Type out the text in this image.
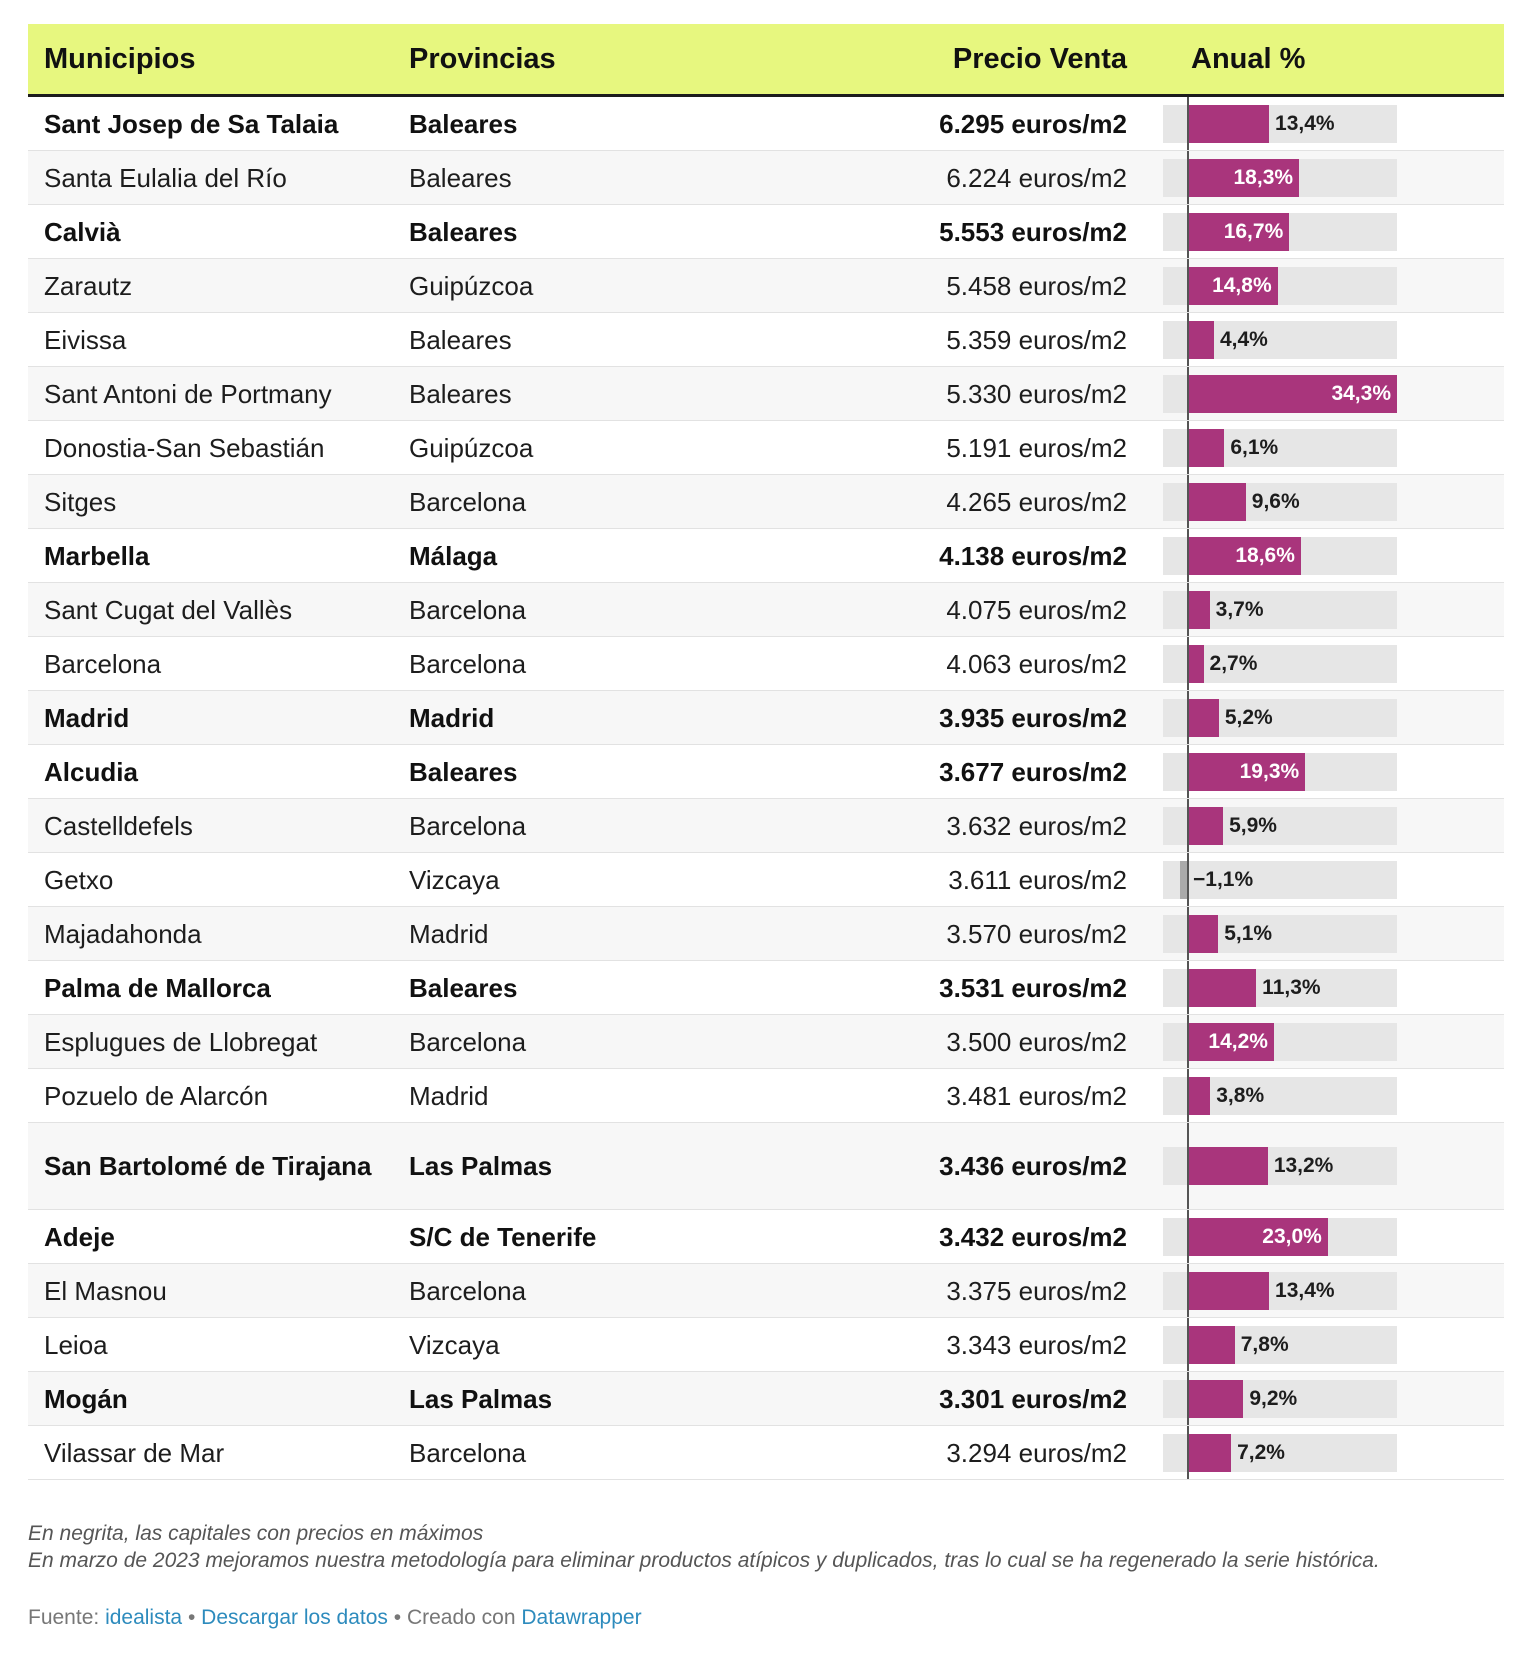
Municipios	Provincias	Precio Venta	Anual %
Sant Josep de Sa Talaia	Baleares	6.295 euros/m2	13,4%

Santa Eulalia del Río	Baleares	6.224 euros/m2	18,3%

Calvià	Baleares	5.553 euros/m2	16,7%

Zarautz	Guipúzcoa	5.458 euros/m2	14,8%

Eivissa	Baleares	5.359 euros/m2	4,4%

Sant Antoni de Portmany	Baleares	5.330 euros/m2	34,3%

Donostia-San Sebastián	Guipúzcoa	5.191 euros/m2	6,1%

Sitges	Barcelona	4.265 euros/m2	9,6%

Marbella	Málaga	4.138 euros/m2	18,6%

Sant Cugat del Vallès	Barcelona	4.075 euros/m2	3,7%

Barcelona	Barcelona	4.063 euros/m2	2,7%

Madrid	Madrid	3.935 euros/m2	5,2%

Alcudia	Baleares	3.677 euros/m2	19,3%

Castelldefels	Barcelona	3.632 euros/m2	5,9%

Getxo	Vizcaya	3.611 euros/m2	−1,1%

Majadahonda	Madrid	3.570 euros/m2	5,1%

Palma de Mallorca	Baleares	3.531 euros/m2	11,3%

Esplugues de Llobregat	Barcelona	3.500 euros/m2	14,2%

Pozuelo de Alarcón	Madrid	3.481 euros/m2	3,8%

San Bartolomé de Tirajana	Las Palmas	3.436 euros/m2	13,2%

Adeje	S/C de Tenerife	3.432 euros/m2	23,0%

El Masnou	Barcelona	3.375 euros/m2	13,4%

Leioa	Vizcaya	3.343 euros/m2	7,8%

Mogán	Las Palmas	3.301 euros/m2	9,2%

Vilassar de Mar	Barcelona	3.294 euros/m2	7,2%
En negrita, las capitales con precios en máximos
En marzo de 2023 mejoramos nuestra metodología para eliminar productos atípicos y duplicados, tras lo cual se ha regenerado la serie histórica.
Fuente: idealista • Descargar los datos • Creado con Datawrapper
